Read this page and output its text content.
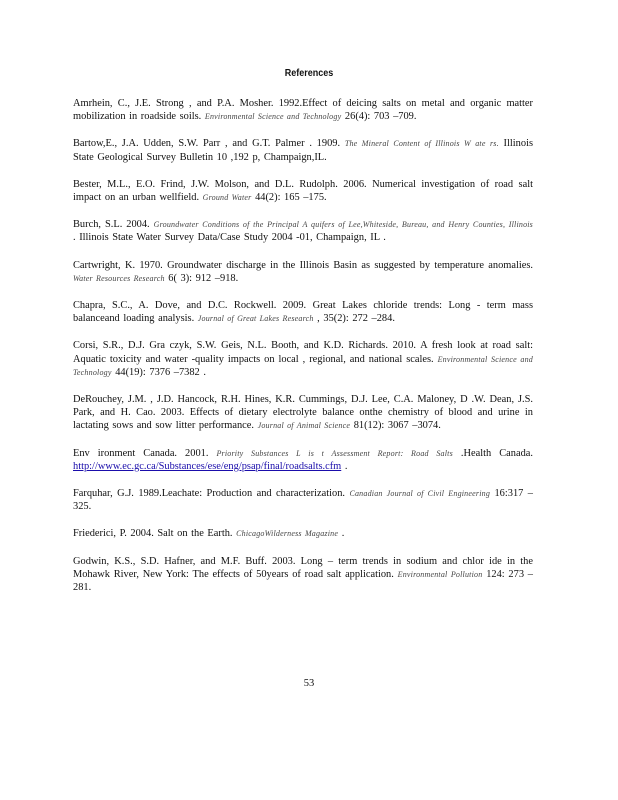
References

Amrhein, C., J.E. Strong , and P.A. Mosher. 1992.Effect of deicing salts on metal and organic matter mobilization in roadside soils. Environmental Science and Technology 26(4): 703 –709.

Bartow,E., J.A. Udden, S.W. Parr , and G.T. Palmer . 1909. The Mineral Content of Illinois W ate rs. Illinois State Geological Survey Bulletin 10 ,192 p, Champaign,IL.

Bester, M.L., E.O. Frind, J.W. Molson, and D.L. Rudolph. 2006. Numerical investigation of road salt impact on an urban wellfield. Ground Water 44(2): 165 –175.

Burch, S.L. 2004. Groundwater Conditions of the Principal A quifers of Lee,Whiteside, Bureau, and Henry Counties, Illinois . Illinois State Water Survey Data/Case Study 2004 -01, Champaign, IL .

Cartwright, K. 1970. Groundwater discharge in the Illinois Basin as suggested by temperature anomalies. Water Resources Research 6( 3): 912 –918.

Chapra, S.C., A. Dove, and D.C. Rockwell. 2009. Great Lakes chloride trends: Long - term mass balanceand loading analysis. Journal of Great Lakes Research , 35(2): 272 –284.

Corsi, S.R., D.J. Gra czyk, S.W. Geis, N.L. Booth, and K.D. Richards. 2010. A fresh look at road salt: Aquatic toxicity and water -quality impacts on local , regional, and national scales. Environmental Science and Technology 44(19): 7376 –7382 .

DeRouchey, J.M. , J.D. Hancock, R.H. Hines, K.R. Cummings, D.J. Lee, C.A. Maloney, D .W. Dean, J.S. Park, and H. Cao. 2003. Effects of dietary electrolyte balance onthe chemistry of blood and urine in lactating sows and sow litter performance. Journal of Animal Science 81(12): 3067 –3074.

Env ironment Canada. 2001. Priority Substances L is t Assessment Report: Road Salts .Health Canada. http://www.ec.gc.ca/Substances/ese/eng/psap/final/roadsalts.cfm .

Farquhar, G.J. 1989.Leachate: Production and characterization. Canadian Journal of Civil Engineering 16:317 –325.

Friederici, P. 2004. Salt on the Earth. ChicagoWilderness Magazine .

Godwin, K.S., S.D. Hafner, and M.F. Buff. 2003. Long – term trends in sodium and chlor ide in the Mohawk River, New York: The effects of 50years of road salt application. Environmental Pollution 124: 273 –281.

53
